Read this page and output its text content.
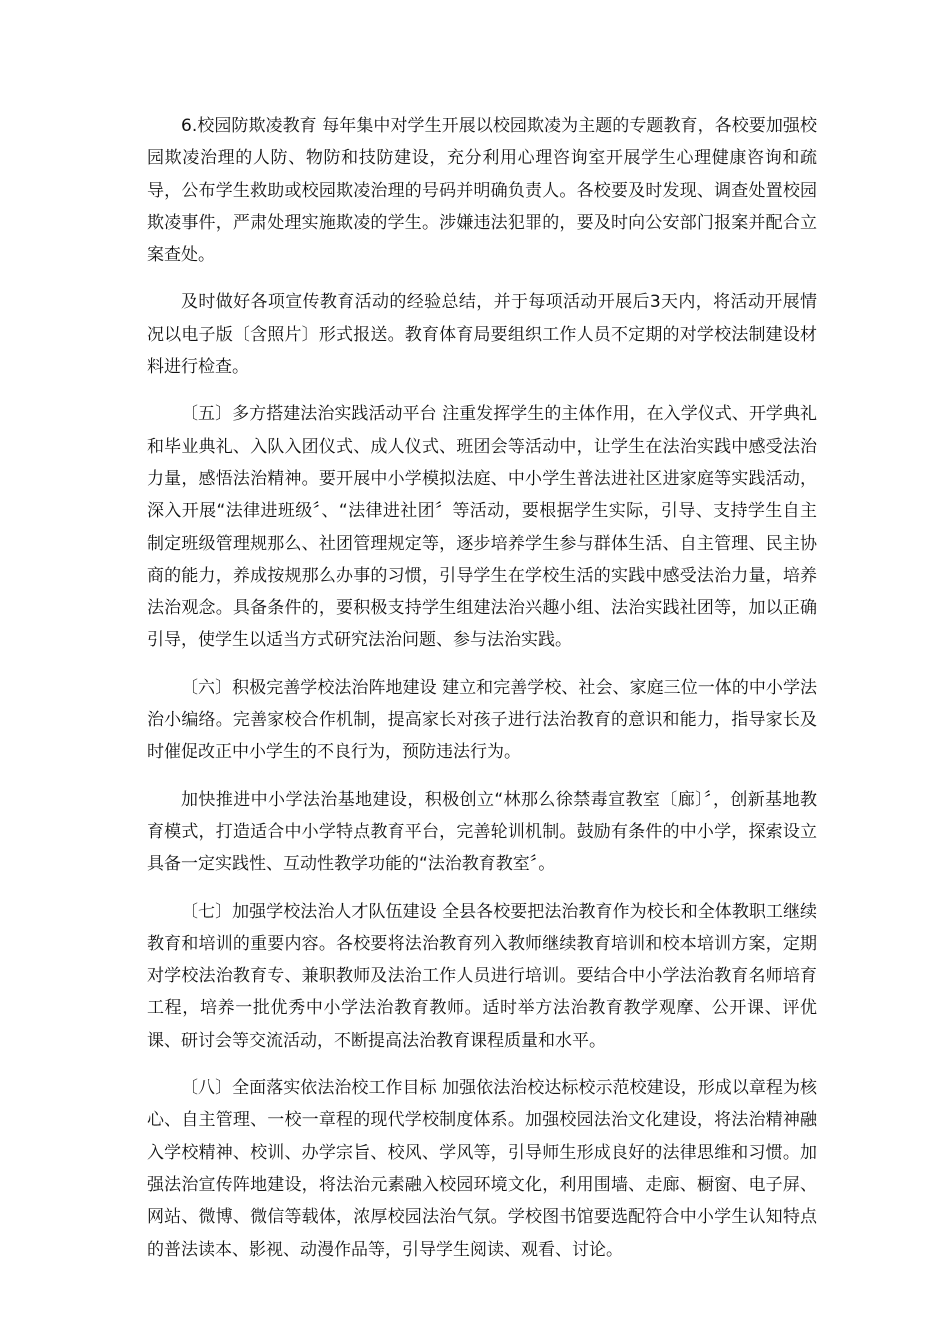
6.校园防欺凌教育 每年集中对学生开展以校园欺凌为主题的专题教育，各校要加强校园欺凌治理的人防、物防和技防建设，充分利用心理咨询室开展学生心理健康咨询和疏导，公布学生救助或校园欺凌治理的号码并明确负责人。各校要及时发现、调查处置校园欺凌事件，严肃处理实施欺凌的学生。涉嫌违法犯罪的，要及时向公安部门报案并配合立案查处。

及时做好各项宣传教育活动的经验总结，并于每项活动开展后3天内，将活动开展情况以电子版〔含照片〕形式报送。教育体育局要组织工作人员不定期的对学校法制建设材料进行检查。

〔五〕多方搭建法治实践活动平台 注重发挥学生的主体作用，在入学仪式、开学典礼和毕业典礼、入队入团仪式、成人仪式、班团会等活动中，让学生在法治实践中感受法治力量，感悟法治精神。要开展中小学模拟法庭、中小学生普法进社区进家庭等实践活动，深入开展“法律进班级〞、“法律进社团〞等活动，要根据学生实际，引导、支持学生自主制定班级管理规那么、社团管理规定等，逐步培养学生参与群体生活、自主管理、民主协商的能力，养成按规那么办事的习惯，引导学生在学校生活的实践中感受法治力量，培养法治观念。具备条件的，要积极支持学生组建法治兴趣小组、法治实践社团等，加以正确引导，使学生以适当方式研究法治问题、参与法治实践。

〔六〕积极完善学校法治阵地建设 建立和完善学校、社会、家庭三位一体的中小学法治小编络。完善家校合作机制，提高家长对孩子进行法治教育的意识和能力，指导家长及时催促改正中小学生的不良行为，预防违法行为。

加快推进中小学法治基地建设，积极创立“林那么徐禁毒宣教室〔廊〕〞，创新基地教育模式，打造适合中小学特点教育平台，完善轮训机制。鼓励有条件的中小学，探索设立具备一定实践性、互动性教学功能的“法治教育教室〞。

〔七〕加强学校法治人才队伍建设 全县各校要把法治教育作为校长和全体教职工继续教育和培训的重要内容。各校要将法治教育列入教师继续教育培训和校本培训方案，定期对学校法治教育专、兼职教师及法治工作人员进行培训。要结合中小学法治教育名师培育工程，培养一批优秀中小学法治教育教师。适时举方法治教育教学观摩、公开课、评优课、研讨会等交流活动，不断提高法治教育课程质量和水平。

〔八〕全面落实依法治校工作目标 加强依法治校达标校示范校建设，形成以章程为核心、自主管理、一校一章程的现代学校制度体系。加强校园法治文化建设，将法治精神融入学校精神、校训、办学宗旨、校风、学风等，引导师生形成良好的法律思维和习惯。加强法治宣传阵地建设，将法治元素融入校园环境文化，利用围墙、走廊、橱窗、电子屏、网站、微博、微信等载体，浓厚校园法治气氛。学校图书馆要选配符合中小学生认知特点的普法读本、影视、动漫作品等，引导学生阅读、观看、讨论。
